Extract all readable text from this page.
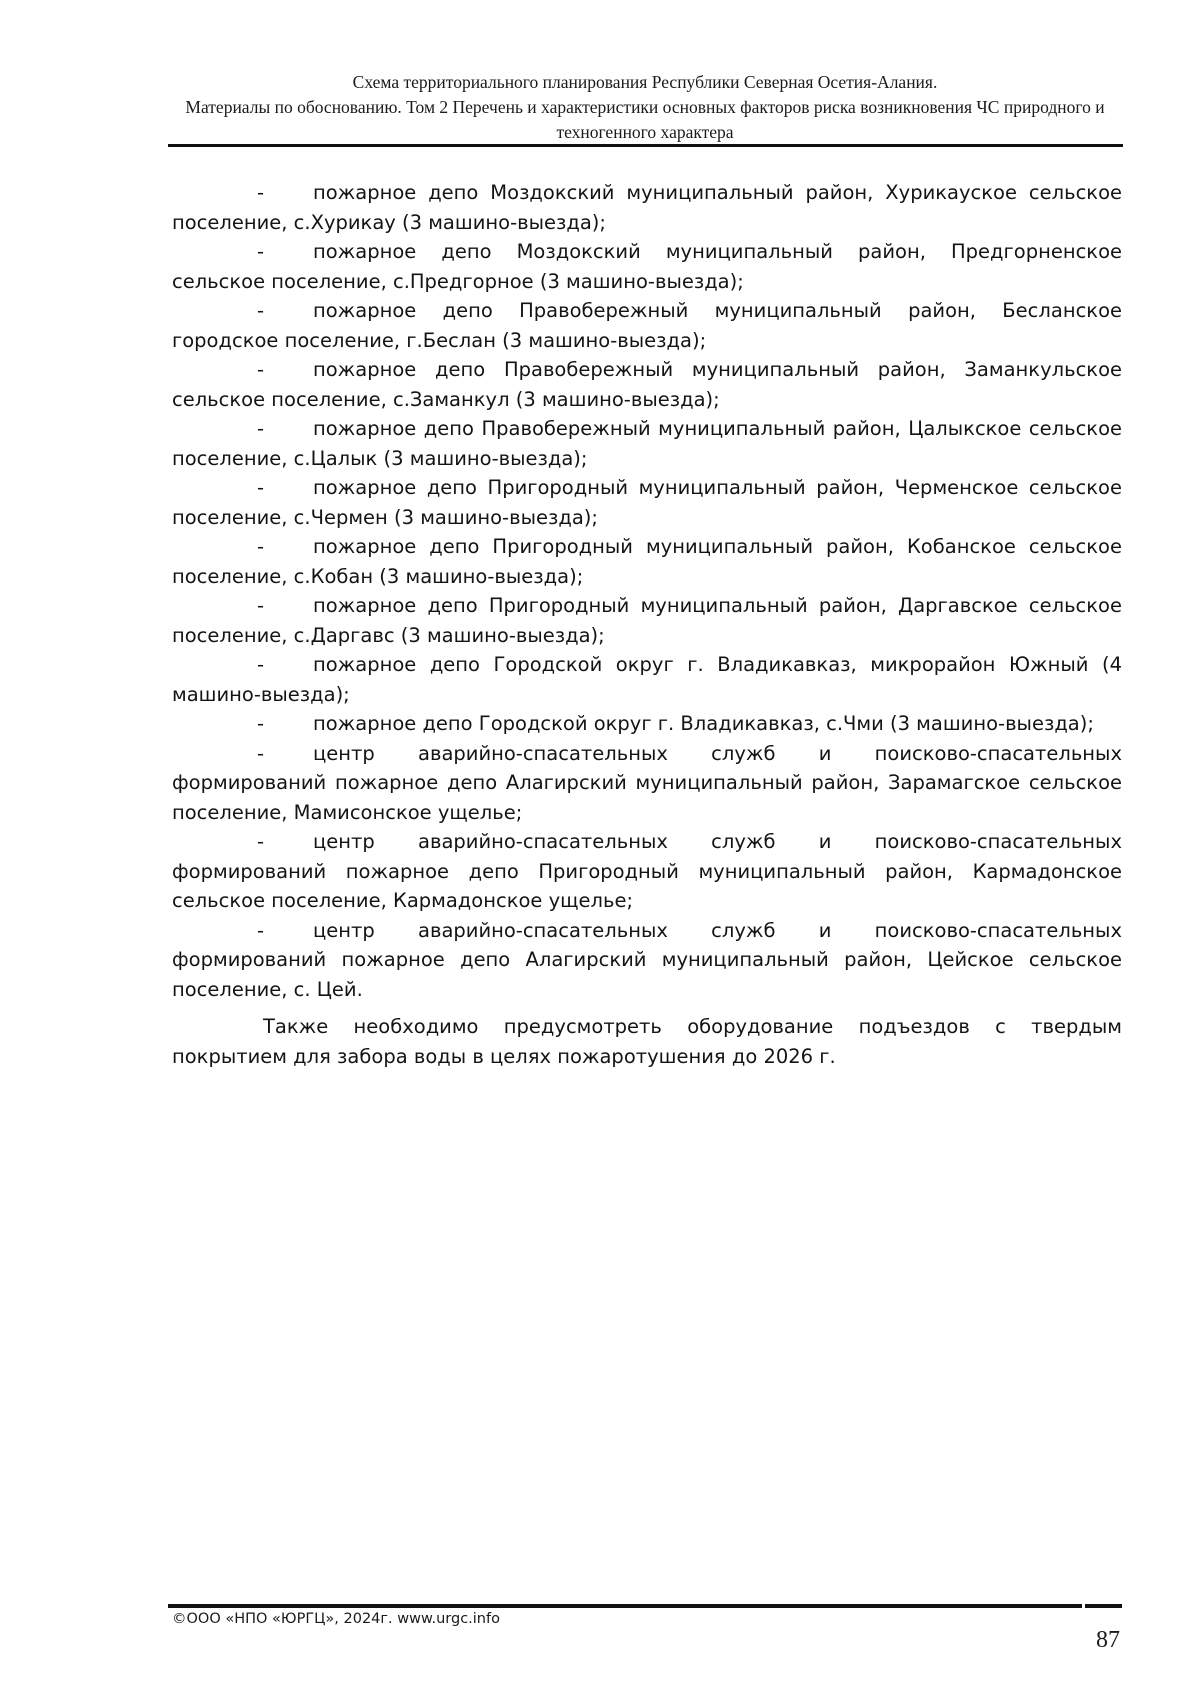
Схема территориального планирования Республики Северная Осетия-Алания.
Материалы по обоснованию. Том 2 Перечень и характеристики основных факторов риска возникновения ЧС природного и техногенного характера

-	пожарное депо Моздокский муниципальный район, Хурикауское сельское поселение, с.Хурикау (3 машино-выезда);

-	пожарное депо Моздокский муниципальный район, Предгорненское сельское поселение, с.Предгорное (3 машино-выезда);

-	пожарное депо Правобережный муниципальный район, Беcланское городское поселение, г.Беслан (3 машино-выезда);

-	пожарное депо Правобережный муниципальный район, Заманкульское сельское поселение, с.Заманкул (3 машино-выезда);

-	пожарное депо Правобережный муниципальный район, Цалыкское сельское поселение, с.Цалык (3 машино-выезда);

-	пожарное депо Пригородный муниципальный район, Черменское сельское поселение, с.Чермен (3 машино-выезда);

-	пожарное депо Пригородный муниципальный район, Кобанское сельское поселение, с.Кобан (3 машино-выезда);

-	пожарное депо Пригородный муниципальный район, Даргавское сельское поселение, с.Даргавс (3 машино-выезда);

-	пожарное депо Городской округ г. Владикавказ, микрорайон Южный (4 машино-выезда);

-	пожарное депо Городской округ г. Владикавказ, с.Чми (3 машино-выезда);

-	центр аварийно-спасательных служб и поисково-спасательных формирований пожарное депо Алагирский муниципальный район, Зарамагское сельское поселение, Мамисонское ущелье;

-	центр аварийно-спасательных служб и поисково-спасательных формирований пожарное депо Пригородный муниципальный район, Кармадонское сельское поселение, Кармадонское ущелье;

-	центр аварийно-спасательных служб и поисково-спасательных формирований пожарное депо Алагирский муниципальный район, Цейское сельское поселение, с. Цей.

Также необходимо предусмотреть оборудование подъездов с твердым покрытием для забора воды в целях пожаротушения до 2026 г.

©ООО «НПО «ЮРГЦ», 2024г. www.urgc.info
87
